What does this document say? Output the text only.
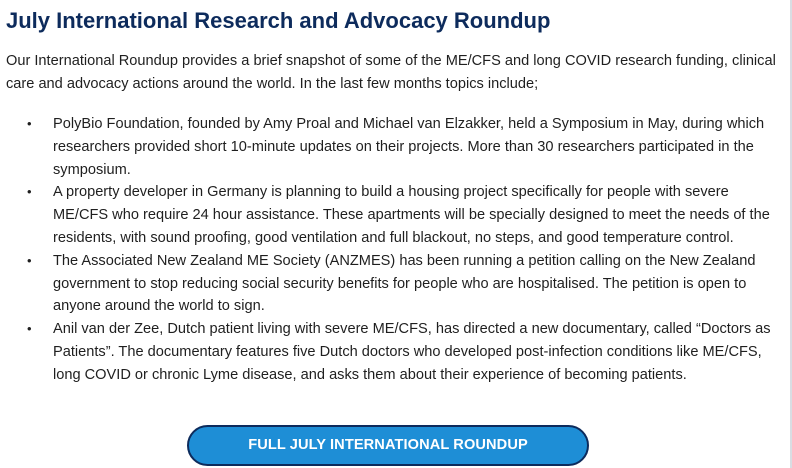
July International Research and Advocacy Roundup

Our International Roundup provides a brief snapshot of some of the ME/CFS and long COVID research funding, clinical care and advocacy actions around the world. In the last few months topics include;

• PolyBio Foundation, founded by Amy Proal and Michael van Elzakker, held a Symposium in May, during which researchers provided short 10-minute updates on their projects. More than 30 researchers participated in the symposium.
• A property developer in Germany is planning to build a housing project specifically for people with severe ME/CFS who require 24 hour assistance. These apartments will be specially designed to meet the needs of the residents, with sound proofing, good ventilation and full blackout, no steps, and good temperature control.
• The Associated New Zealand ME Society (ANZMES) has been running a petition calling on the New Zealand government to stop reducing social security benefits for people who are hospitalised. The petition is open to anyone around the world to sign.
• Anil van der Zee, Dutch patient living with severe ME/CFS, has directed a new documentary, called “Doctors as Patients”. The documentary features five Dutch doctors who developed post-infection conditions like ME/CFS, long COVID or chronic Lyme disease, and asks them about their experience of becoming patients.
FULL JULY INTERNATIONAL ROUNDUP
